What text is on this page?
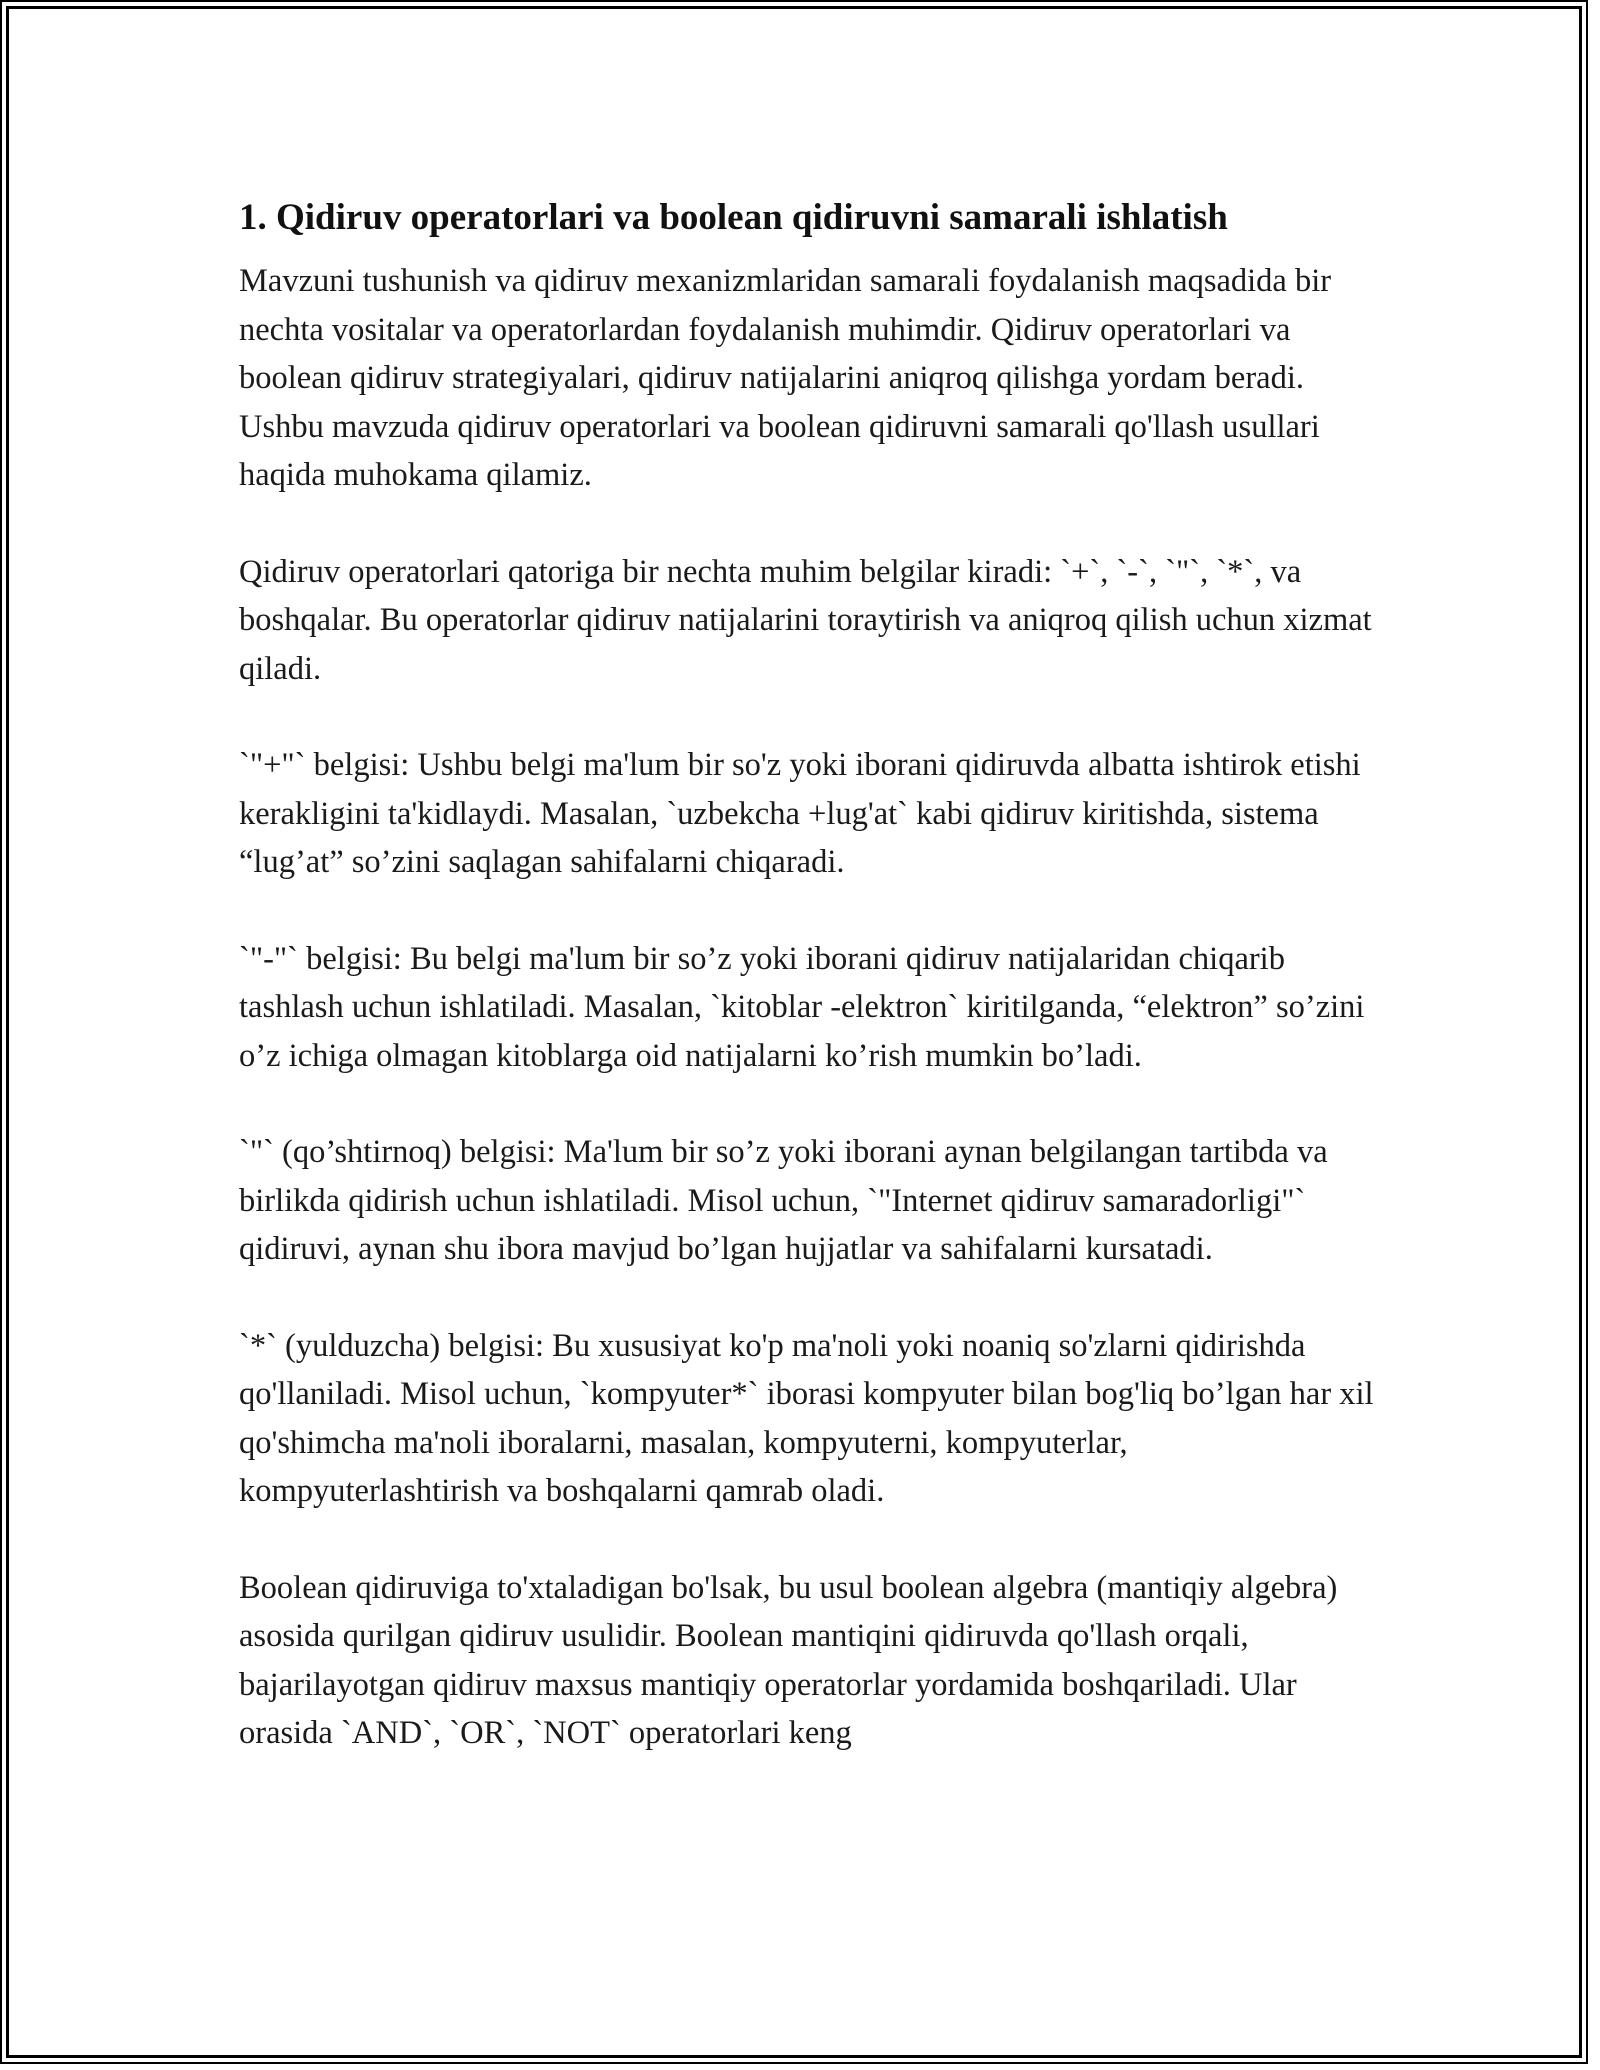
1. Qidiruv operatorlari va boolean qidiruvni samarali ishlatish

Mavzuni tushunish va qidiruv mexanizmlaridan samarali foydalanish maqsadida bir nechta vositalar va operatorlardan foydalanish muhimdir. Qidiruv operatorlari va boolean qidiruv strategiyalari, qidiruv natijalarini aniqroq qilishga yordam beradi. Ushbu mavzuda qidiruv operatorlari va boolean qidiruvni samarali qo'llash usullari haqida muhokama qilamiz.

Qidiruv operatorlari qatoriga bir nechta muhim belgilar kiradi: `+`, `-`, `"`, `*`, va boshqalar. Bu operatorlar qidiruv natijalarini toraytirish va aniqroq qilish uchun xizmat qiladi.

`"+"` belgisi: Ushbu belgi ma'lum bir so'z yoki iborani qidiruvda albatta ishtirok etishi kerakligini ta'kidlaydi. Masalan, `uzbekcha +lug'at` kabi qidiruv kiritishda, sistema “lug’at” so’zini saqlagan sahifalarni chiqaradi.

`"-"` belgisi: Bu belgi ma'lum bir so’z yoki iborani qidiruv natijalaridan chiqarib tashlash uchun ishlatiladi. Masalan, `kitoblar -elektron` kiritilganda, “elektron” so’zini o’z ichiga olmagan kitoblarga oid natijalarni ko’rish mumkin bo’ladi.

`"` (qo’shtirnoq) belgisi: Ma'lum bir so’z yoki iborani aynan belgilangan tartibda va birlikda qidirish uchun ishlatiladi. Misol uchun, `"Internet qidiruv samaradorligi"` qidiruvi, aynan shu ibora mavjud bo’lgan hujjatlar va sahifalarni kursatadi.

`*` (yulduzcha) belgisi: Bu xususiyat ko'p ma'noli yoki noaniq so'zlarni qidirishda qo'llaniladi. Misol uchun, `kompyuter*` iborasi kompyuter bilan bog'liq bo’lgan har xil qo'shimcha ma'noli iboralarni, masalan, kompyuterni, kompyuterlar, kompyuterlashtirish va boshqalarni qamrab oladi.

Boolean qidiruviga to'xtaladigan bo'lsak, bu usul boolean algebra (mantiqiy algebra) asosida qurilgan qidiruv usulidir. Boolean mantiqini qidiruvda qo'llash orqali, bajarilayotgan qidiruv maxsus mantiqiy operatorlar yordamida boshqariladi. Ular orasida `AND`, `OR`, `NOT` operatorlari keng
